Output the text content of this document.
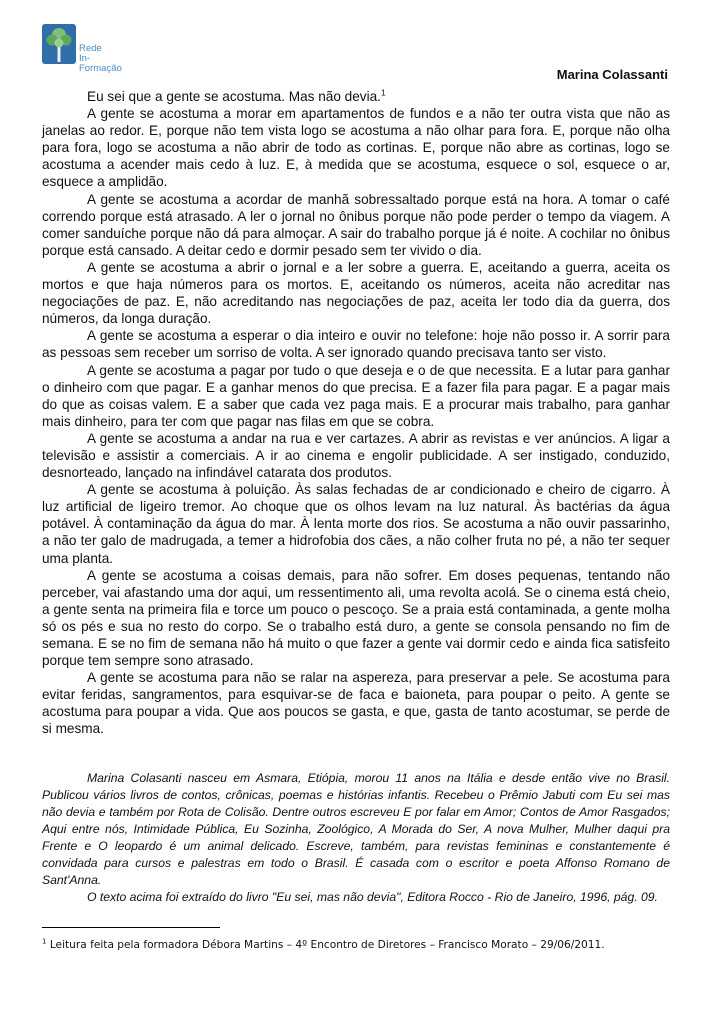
Rede
In-Formação	Marina Colassanti

Eu sei que a gente se acostuma. Mas não devia.$^1$

A gente se acostuma a morar em apartamentos de fundos e a não ter outra vista que não as janelas ao redor. E, porque não tem vista logo se acostuma a não olhar para fora. E, porque não olha para fora, logo se acostuma a não abrir de todo as cortinas. E, porque não abre as cortinas, logo se acostuma a acender mais cedo à luz. E, à medida que se acostuma, esquece o sol, esquece o ar, esquece a amplidão.

A gente se acostuma a acordar de manhã sobressaltado porque está na hora. A tomar o café correndo porque está atrasado. A ler o jornal no ônibus porque não pode perder o tempo da viagem. A comer sanduíche porque não dá para almoçar. A sair do trabalho porque já é noite. A cochilar no ônibus porque está cansado. A deitar cedo e dormir pesado sem ter vivido o dia.

A gente se acostuma a abrir o jornal e a ler sobre a guerra. E, aceitando a guerra, aceita os mortos e que haja números para os mortos. E, aceitando os números, aceita não acreditar nas negociações de paz. E, não acreditando nas negociações de paz, aceita ler todo dia da guerra, dos números, da longa duração.

A gente se acostuma a esperar o dia inteiro e ouvir no telefone: hoje não posso ir. A sorrir para as pessoas sem receber um sorriso de volta. A ser ignorado quando precisava tanto ser visto.

A gente se acostuma a pagar por tudo o que deseja e o de que necessita. E a lutar para ganhar o dinheiro com que pagar. E a ganhar menos do que precisa. E a fazer fila para pagar. E a pagar mais do que as coisas valem. E a saber que cada vez paga mais. E a procurar mais trabalho, para ganhar mais dinheiro, para ter com que pagar nas filas em que se cobra.

A gente se acostuma a andar na rua e ver cartazes. A abrir as revistas e ver anúncios. A ligar a televisão e assistir a comerciais. A ir ao cinema e engolir publicidade. A ser instigado, conduzido, desnorteado, lançado na infindável catarata dos produtos.

A gente se acostuma à poluição. Às salas fechadas de ar condicionado e cheiro de cigarro. À luz artificial de ligeiro tremor. Ao choque que os olhos levam na luz natural. Às bactérias da água potável. À contaminação da água do mar. À lenta morte dos rios. Se acostuma a não ouvir passarinho, a não ter galo de madrugada, a temer a hidrofobia dos cães, a não colher fruta no pé, a não ter sequer uma planta.

A gente se acostuma a coisas demais, para não sofrer. Em doses pequenas, tentando não perceber, vai afastando uma dor aqui, um ressentimento ali, uma revolta acolá. Se o cinema está cheio, a gente senta na primeira fila e torce um pouco o pescoço. Se a praia está contaminada, a gente molha só os pés e sua no resto do corpo. Se o trabalho está duro, a gente se consola pensando no fim de semana. E se no fim de semana não há muito o que fazer a gente vai dormir cedo e ainda fica satisfeito porque tem sempre sono atrasado.

A gente se acostuma para não se ralar na aspereza, para preservar a pele. Se acostuma para evitar feridas, sangramentos, para esquivar-se de faca e baioneta, para poupar o peito. A gente se acostuma para poupar a vida. Que aos poucos se gasta, e que, gasta de tanto acostumar, se perde de si mesma.

Marina Colasanti nasceu em Asmara, Etiópia, morou 11 anos na Itália e desde então vive no Brasil. Publicou vários livros de contos, crônicas, poemas e histórias infantis. Recebeu o Prêmio Jabuti com Eu sei mas não devia e também por Rota de Colisão. Dentre outros escreveu E por falar em Amor; Contos de Amor Rasgados; Aqui entre nós, Intimidade Pública, Eu Sozinha, Zoológico, A Morada do Ser, A nova Mulher, Mulher daqui pra Frente e O leopardo é um animal delicado. Escreve, também, para revistas femininas e constantemente é convidada para cursos e palestras em todo o Brasil. É casada com o escritor e poeta Affonso Romano de Sant'Anna.

O texto acima foi extraído do livro "Eu sei, mas não devia", Editora Rocco - Rio de Janeiro, 1996, pág. 09.

$^1$ Leitura feita pela formadora Débora Martins – 4º Encontro de Diretores – Francisco Morato – 29/06/2011.
